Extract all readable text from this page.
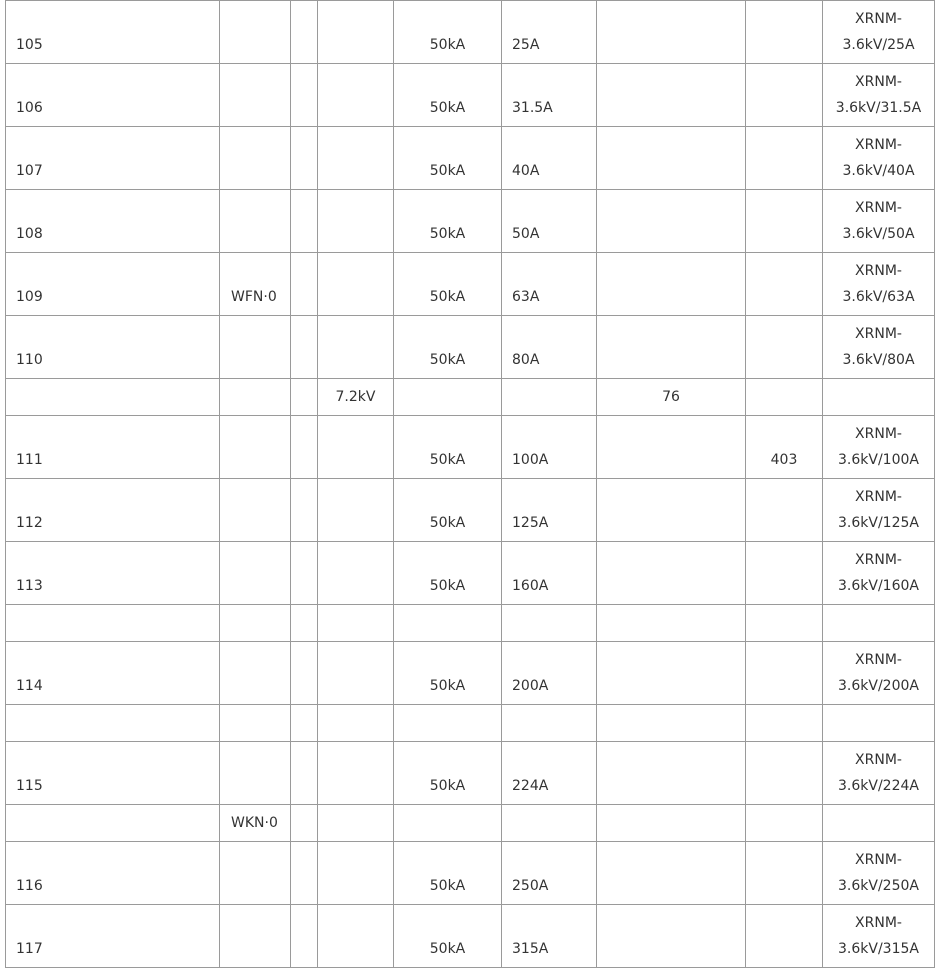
105				50kA	25A			XRNM-
3.6kV/25A

106				50kA	31.5A			XRNM-
3.6kV/31.5A

107				50kA	40A			XRNM-
3.6kV/40A

108				50kA	50A			XRNM-
3.6kV/50A

109	WFN·0			50kA	63A			XRNM-
3.6kV/63A

110				50kA	80A			XRNM-
3.6kV/80A

			7.2kV			76		
111				50kA	100A		403	XRNM-
3.6kV/100A

112				50kA	125A			XRNM-
3.6kV/125A

113				50kA	160A			XRNM-
3.6kV/160A

114				50kA	200A			XRNM-
3.6kV/200A

115				50kA	224A			XRNM-
3.6kV/224A

	WKN·0							
116				50kA	250A			XRNM-
3.6kV/250A

117				50kA	315A			XRNM-
3.6kV/315A
